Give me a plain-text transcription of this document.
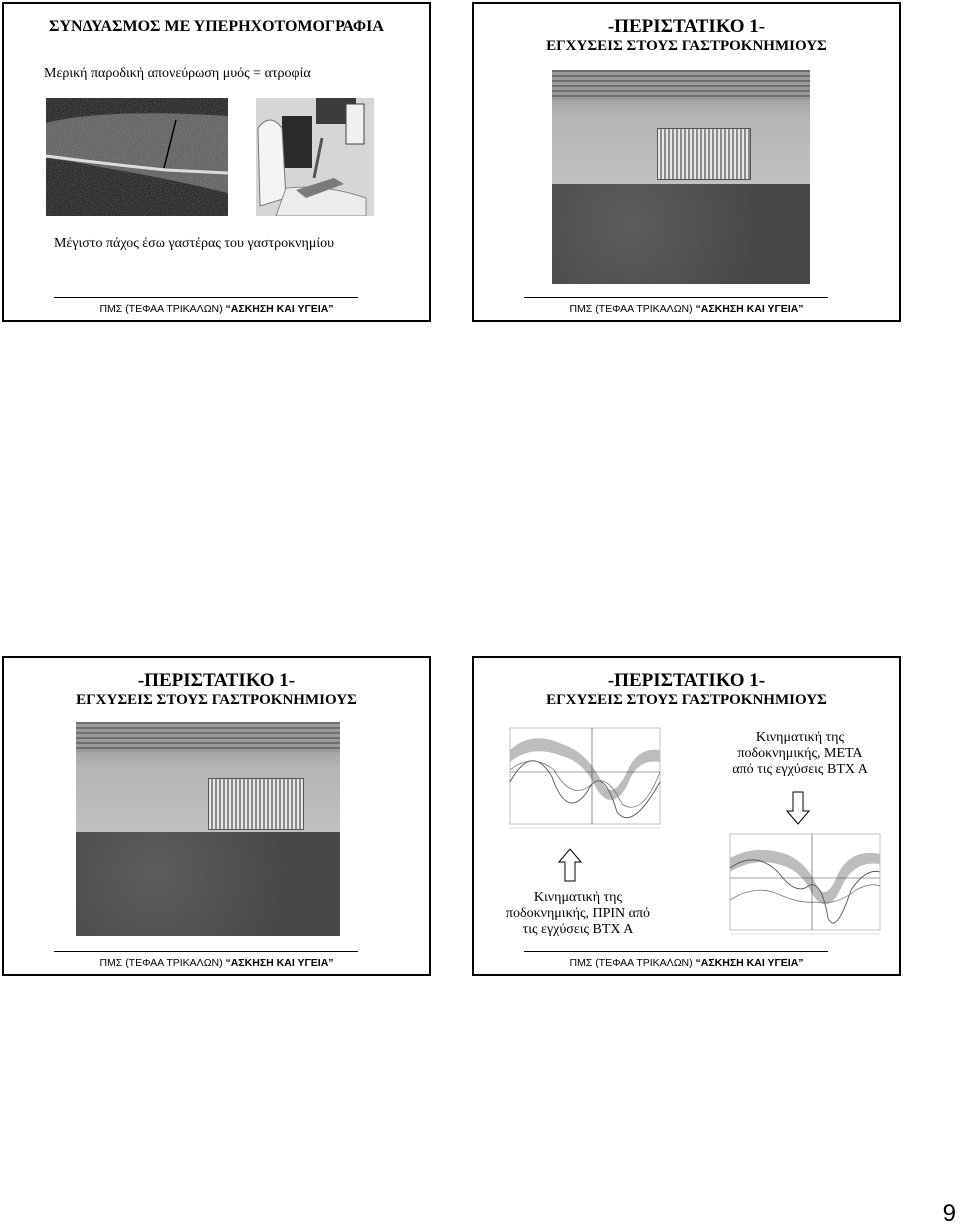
ΣΥΝΔΥΑΣΜΟΣ ΜΕ ΥΠΕΡΗΧΟΤΟΜΟΓΡΑΦΙΑ
Μερική παροδική απονεύρωση μυός = ατροφία
Μέγιστο πάχος έσω γαστέρας του γαστροκνημίου
ΠΜΣ (ΤΕΦΑΑ ΤΡΙΚΑΛΩΝ) “ΑΣΚΗΣΗ ΚΑΙ ΥΓΕΙΑ”
-ΠΕΡΙΣΤΑΤΙΚΟ 1-
ΕΓΧΥΣΕΙΣ ΣΤΟΥΣ ΓΑΣΤΡΟΚΝΗΜΙΟΥΣ
ΠΜΣ (ΤΕΦΑΑ ΤΡΙΚΑΛΩΝ) “ΑΣΚΗΣΗ ΚΑΙ ΥΓΕΙΑ”
-ΠΕΡΙΣΤΑΤΙΚΟ 1-
ΕΓΧΥΣΕΙΣ ΣΤΟΥΣ ΓΑΣΤΡΟΚΝΗΜΙΟΥΣ
ΠΜΣ (ΤΕΦΑΑ ΤΡΙΚΑΛΩΝ) “ΑΣΚΗΣΗ ΚΑΙ ΥΓΕΙΑ”
-ΠΕΡΙΣΤΑΤΙΚΟ 1-
ΕΓΧΥΣΕΙΣ ΣΤΟΥΣ ΓΑΣΤΡΟΚΝΗΜΙΟΥΣ
Κινηματική της
ποδοκνημικής, ΜΕΤΑ
από τις εγχύσεις ΒΤΧ Α
Κινηματική της
ποδοκνημικής, ΠΡΙΝ από
τις εγχύσεις ΒΤΧ Α
ΠΜΣ (ΤΕΦΑΑ ΤΡΙΚΑΛΩΝ) “ΑΣΚΗΣΗ ΚΑΙ ΥΓΕΙΑ”
9
